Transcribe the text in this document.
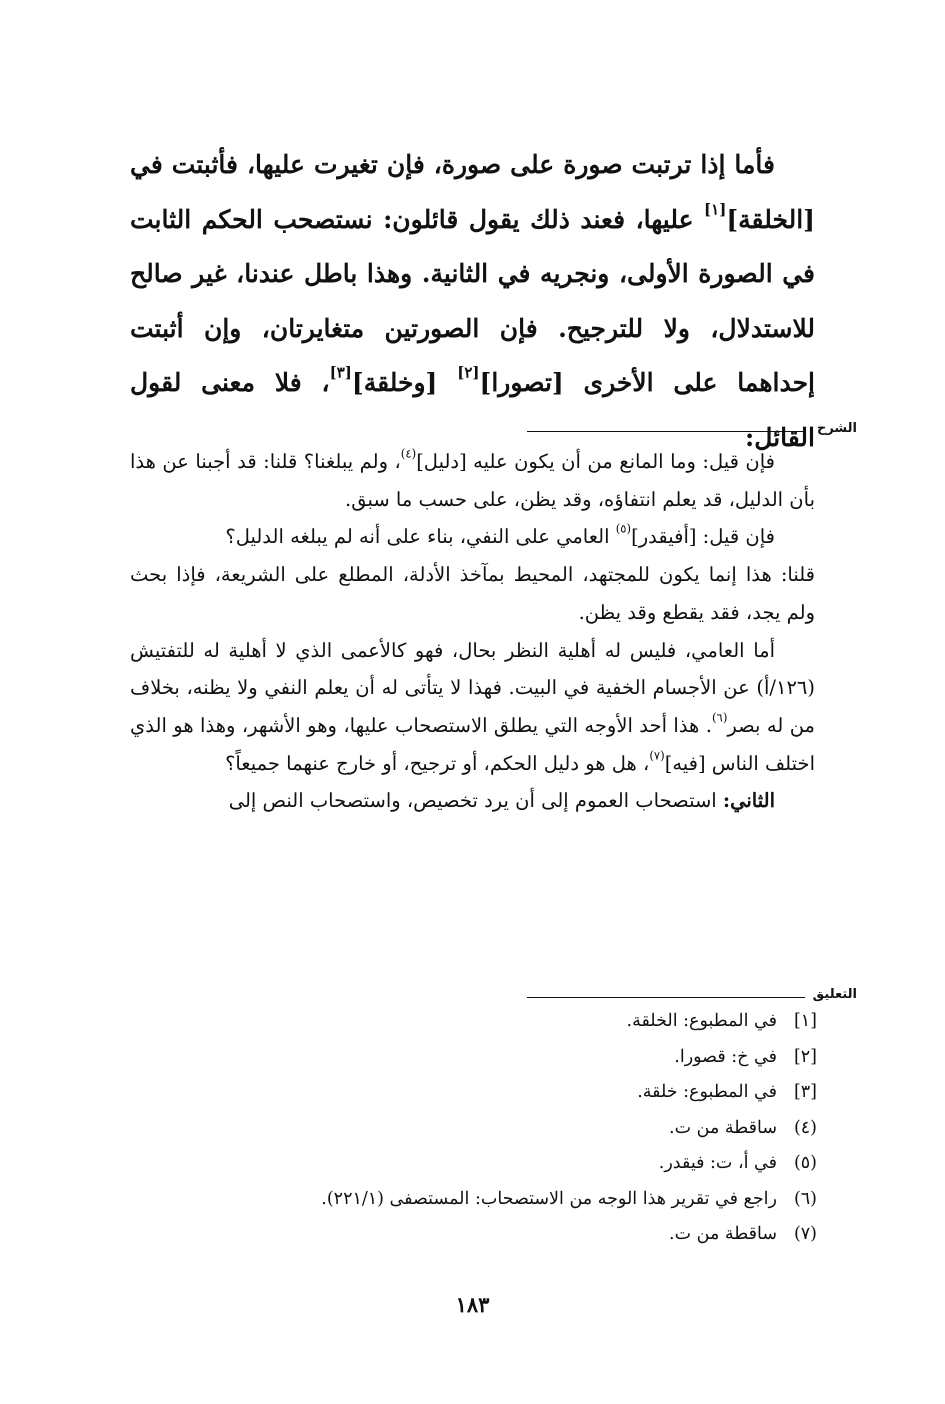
فأما إذا ترتبت صورة على صورة، فإن تغيرت عليها، فأثبتت في [الخلقة][١] عليها، فعند ذلك يقول قائلون: نستصحب الحكم الثابت في الصورة الأولى، ونجريه في الثانية. وهذا باطل عندنا، غير صالح للاستدلال، ولا للترجيح. فإن الصورتين متغايرتان، وإن أثبتت إحداهما على الأخرى [تصورا][٢] [وخلقة][٣]، فلا معنى لقول القائل: الشرح

فإن قيل: وما المانع من أن يكون عليه [دليل]$^{(٤)}$، ولم يبلغنا؟ قلنا: قد أجبنا عن هذا بأن الدليل، قد يعلم انتفاؤه، وقد يظن، على حسب ما سبق.

فإن قيل: [أفيقدر]$^{(٥)}$ العامي على النفي، بناء على أنه لم يبلغه الدليل؟

قلنا: هذا إنما يكون للمجتهد، المحيط بمآخذ الأدلة، المطلع على الشريعة، فإذا بحث ولم يجد، فقد يقطع وقد يظن.

أما العامي، فليس له أهلية النظر بحال، فهو كالأعمى الذي لا أهلية له للتفتيش (١٢٦/أ) عن الأجسام الخفية في البيت. فهذا لا يتأتى له أن يعلم النفي ولا يظنه، بخلاف من له بصر$^{(٦)}$. هذا أحد الأوجه التي يطلق الاستصحاب عليها، وهو الأشهر، وهذا هو الذي اختلف الناس [فيه]$^{(٧)}$، هل هو دليل الحكم، أو ترجيح، أو خارج عنهما جميعاً؟

الثاني: استصحاب العموم إلى أن يرد تخصيص، واستصحاب النص إلى

التعليق
[١]
في المطبوع: الخلقة.
[٢]
في خ: قصورا.
[٣]
في المطبوع: خلقة.
(٤)
ساقطة من ت.
(٥)
في أ، ت: فيقدر.
(٦)
راجع في تقرير هذا الوجه من الاستصحاب: المستصفى (٢٢١/١).
(٧)
ساقطة من ت.
١٨٣
